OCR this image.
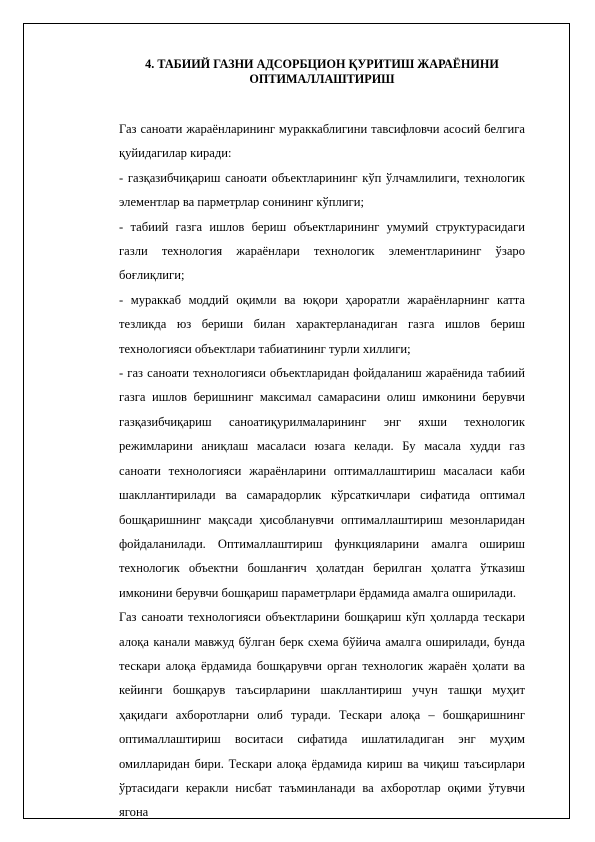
4. ТАБИИЙ ГАЗНИ АДСОРБЦИОН ҚУРИТИШ ЖАРАЁНИНИ
ОПТИМАЛЛАШТИРИШ

Газ саноати жараёнларининг мураккаблигини тавсифловчи асосий белгига қуйидагилар киради:

- газқазибчиқариш саноати объектларининг кўп ўлчамлилиги, технологик элементлар ва парметрлар сонининг кўплиги;

- табиий газга ишлов бериш объектларининг умумий структурасидаги газли технология жараёнлари технологик элементларининг ўзаро боғлиқлиги;

- мураккаб моддий оқимли ва юқори ҳароратли жараёнларнинг катта тезликда юз бериши билан характерланадиган газга ишлов бериш технологияси объектлари табиатининг турли хиллиги;

- газ саноати технологияси объектларидан фойдаланиш жараёнида табиий газга ишлов беришнинг максимал самарасини олиш имконини берувчи газқазибчиқариш саноатиқурилмаларининг энг яхши технологик режимларини аниқлаш масаласи юзага келади. Бу масала худди газ саноати технологияси жараёнларини оптималлаштириш масаласи каби шакллантирилади ва самарадорлик кўрсаткичлари сифатида оптимал бошқаришнинг мақсади ҳисобланувчи оптималлаштириш мезонларидан фойдаланилади. Оптималлаштириш функцияларини амалга ошириш технологик объектни бошланғич ҳолатдан берилган ҳолатга ўтказиш имконини берувчи бошқариш параметрлари ёрдамида амалга оширилади.

Газ саноати технологияси объектларини бошқариш кўп ҳолларда тескари алоқа канали мавжуд бўлган берк схема бўйича амалга оширилади, бунда тескари алоқа ёрдамида бошқарувчи орган технологик жараён ҳолати ва кейинги бошқарув таъсирларини шакллантириш учун ташқи муҳит ҳақидаги ахборотларни олиб туради. Тескари алоқа – бошқаришнинг оптималлаштириш воситаси сифатида ишлатиладиган энг муҳим омилларидан бири. Тескари алоқа ёрдамида кириш ва чиқиш таъсирлари ўртасидаги керакли нисбат таъминланади ва ахборотлар оқими ўтувчи ягона
